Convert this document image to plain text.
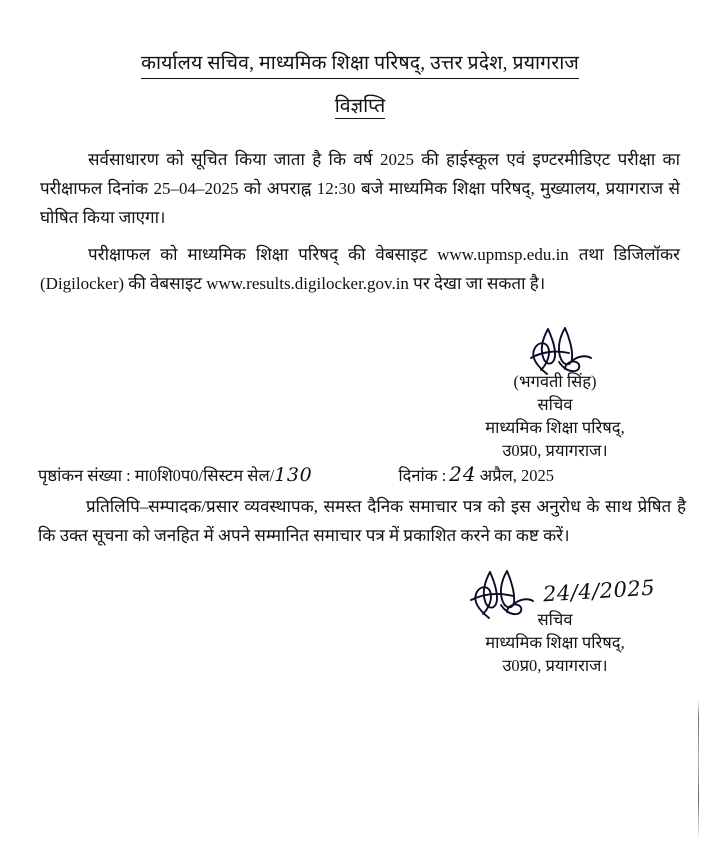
कार्यालय सचिव, माध्यमिक शिक्षा परिषद्, उत्तर प्रदेश, प्रयागराज
विज्ञप्ति

सर्वसाधारण को सूचित किया जाता है कि वर्ष 2025 की हाईस्कूल एवं इण्टरमीडिएट परीक्षा का परीक्षाफल दिनांक 25–04–2025 को अपराह्न 12:30 बजे माध्यमिक शिक्षा परिषद्, मुख्यालय, प्रयागराज से घोषित किया जाएगा।

परीक्षाफल को माध्यमिक शिक्षा परिषद् की वेबसाइट www.upmsp.edu.in तथा डिजिलॉकर (Digilocker) की वेबसाइट www.results.digilocker.gov.in पर देखा जा सकता है।

(भगवती सिंह)
सचिव
माध्यमिक शिक्षा परिषद्,
उ0प्र0, प्रयागराज।
पृष्ठांकन संख्या : मा0शि0प0/सिस्टम सेल/130	दिनांक : 24 अप्रैल, 2025

प्रतिलिपि–सम्पादक/प्रसार व्यवस्थापक, समस्त दैनिक समाचार पत्र को इस अनुरोध के साथ प्रेषित है कि उक्त सूचना को जनहित में अपने सम्मानित समाचार पत्र में प्रकाशित करने का कष्ट करें।

24/4/2025
सचिव
माध्यमिक शिक्षा परिषद्,
उ0प्र0, प्रयागराज।
